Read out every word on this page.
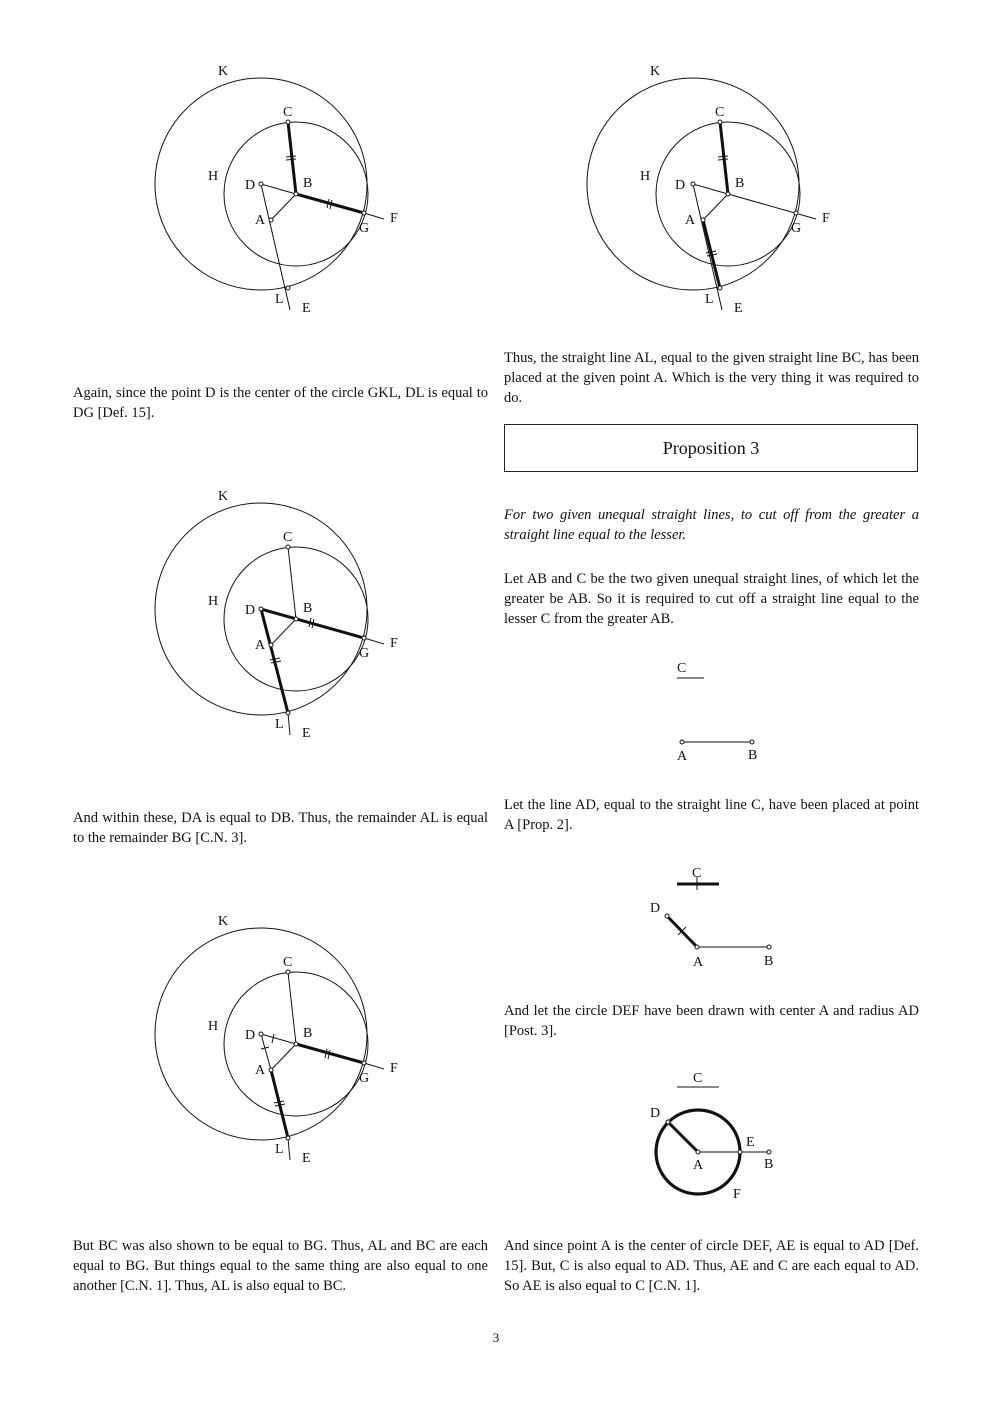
K
C
H
D	B
A	F
G
L
E
K
C
H
D	B
A	F
G
L
E
K
C
H
D	B
A	F
G
L
E
K
C
H
D	B
A	F
G
L
E
C
A	B
C
D
A	B
C
D
A
E
B
F

Again, since the point D is the center of the circle GKL, DL is equal to DG [Def. 15].

And within these, DA is equal to DB. Thus, the remainder AL is equal to the remainder BG [C.N. 3].

But BC was also shown to be equal to BG. Thus, AL and BC are each equal to BG. But things equal to the same thing are also equal to one another [C.N. 1]. Thus, AL is also equal to BC.

Thus, the straight line AL, equal to the given straight line BC, has been placed at the given point A. Which is the very thing it was required to do.

Proposition 3

For two given unequal straight lines, to cut off from the greater a straight line equal to the lesser.

Let AB and C be the two given unequal straight lines, of which let the greater be AB. So it is required to cut off a straight line equal to the lesser C from the greater AB.

Let the line AD, equal to the straight line C, have been placed at point A [Prop. 2].

And let the circle DEF have been drawn with center A and radius AD [Post. 3].

And since point A is the center of circle DEF, AE is equal to AD [Def. 15]. But, C is also equal to AD. Thus, AE and C are each equal to AD. So AE is also equal to C [C.N. 1].

3
